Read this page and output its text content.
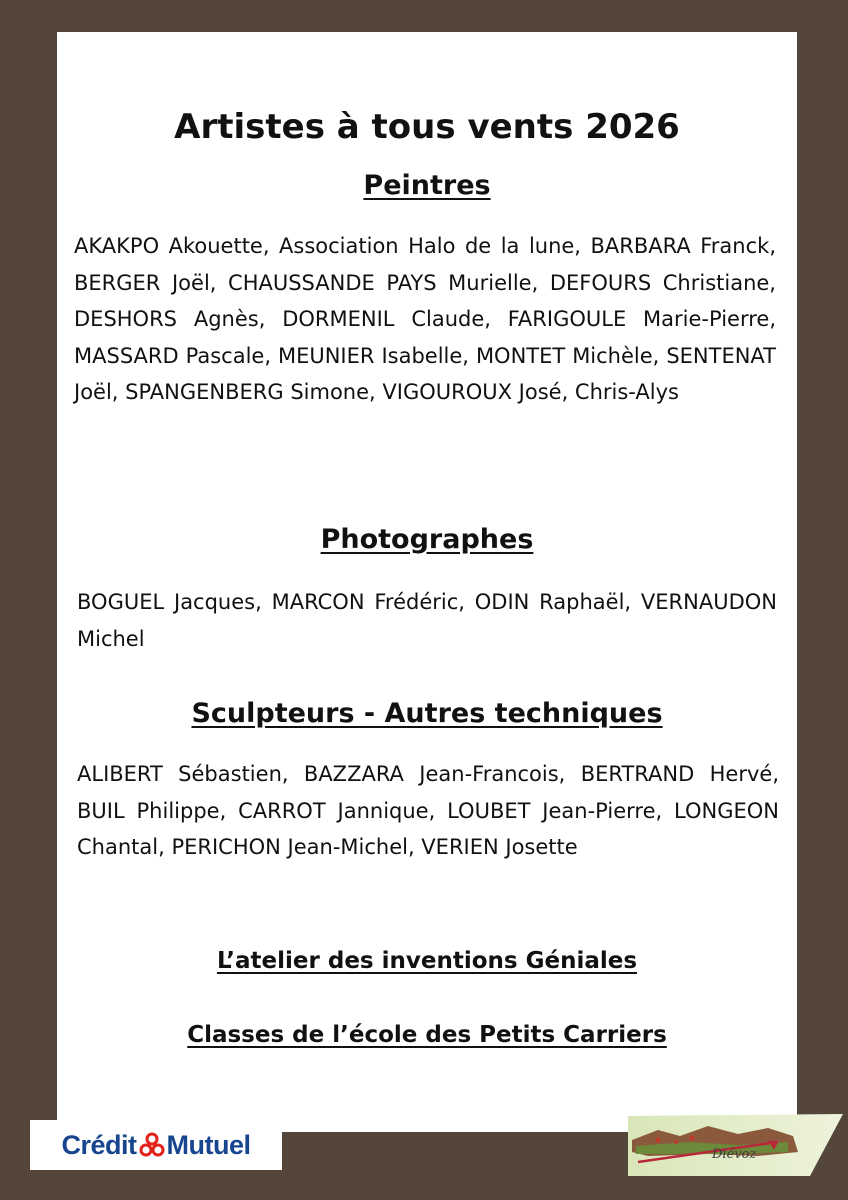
Artistes à tous vents 2026
Peintres

AKAKPO Akouette, Association Halo de la lune, BARBARA Franck, BERGER Joël, CHAUSSANDE PAYS Murielle, DEFOURS Christiane, DESHORS Agnès, DORMENIL Claude, FARIGOULE Marie-Pierre, MASSARD Pascale, MEUNIER Isabelle, MONTET Michèle, SENTENAT Joël, SPANGENBERG Simone, VIGOUROUX José, Chris-Alys

Photographes

BOGUEL Jacques, MARCON Frédéric, ODIN Raphaël, VERNAUDON Michel

Sculpteurs - Autres techniques

ALIBERT Sébastien, BAZZARA Jean-Francois, BERTRAND Hervé, BUIL Philippe, CARROT Jannique, LOUBET Jean-Pierre, LONGEON Chantal, PERICHON Jean-Michel, VERIEN Josette

L’atelier des inventions Géniales
Classes de l’école des Petits Carriers
Crédit Mutuel	Diévoz
